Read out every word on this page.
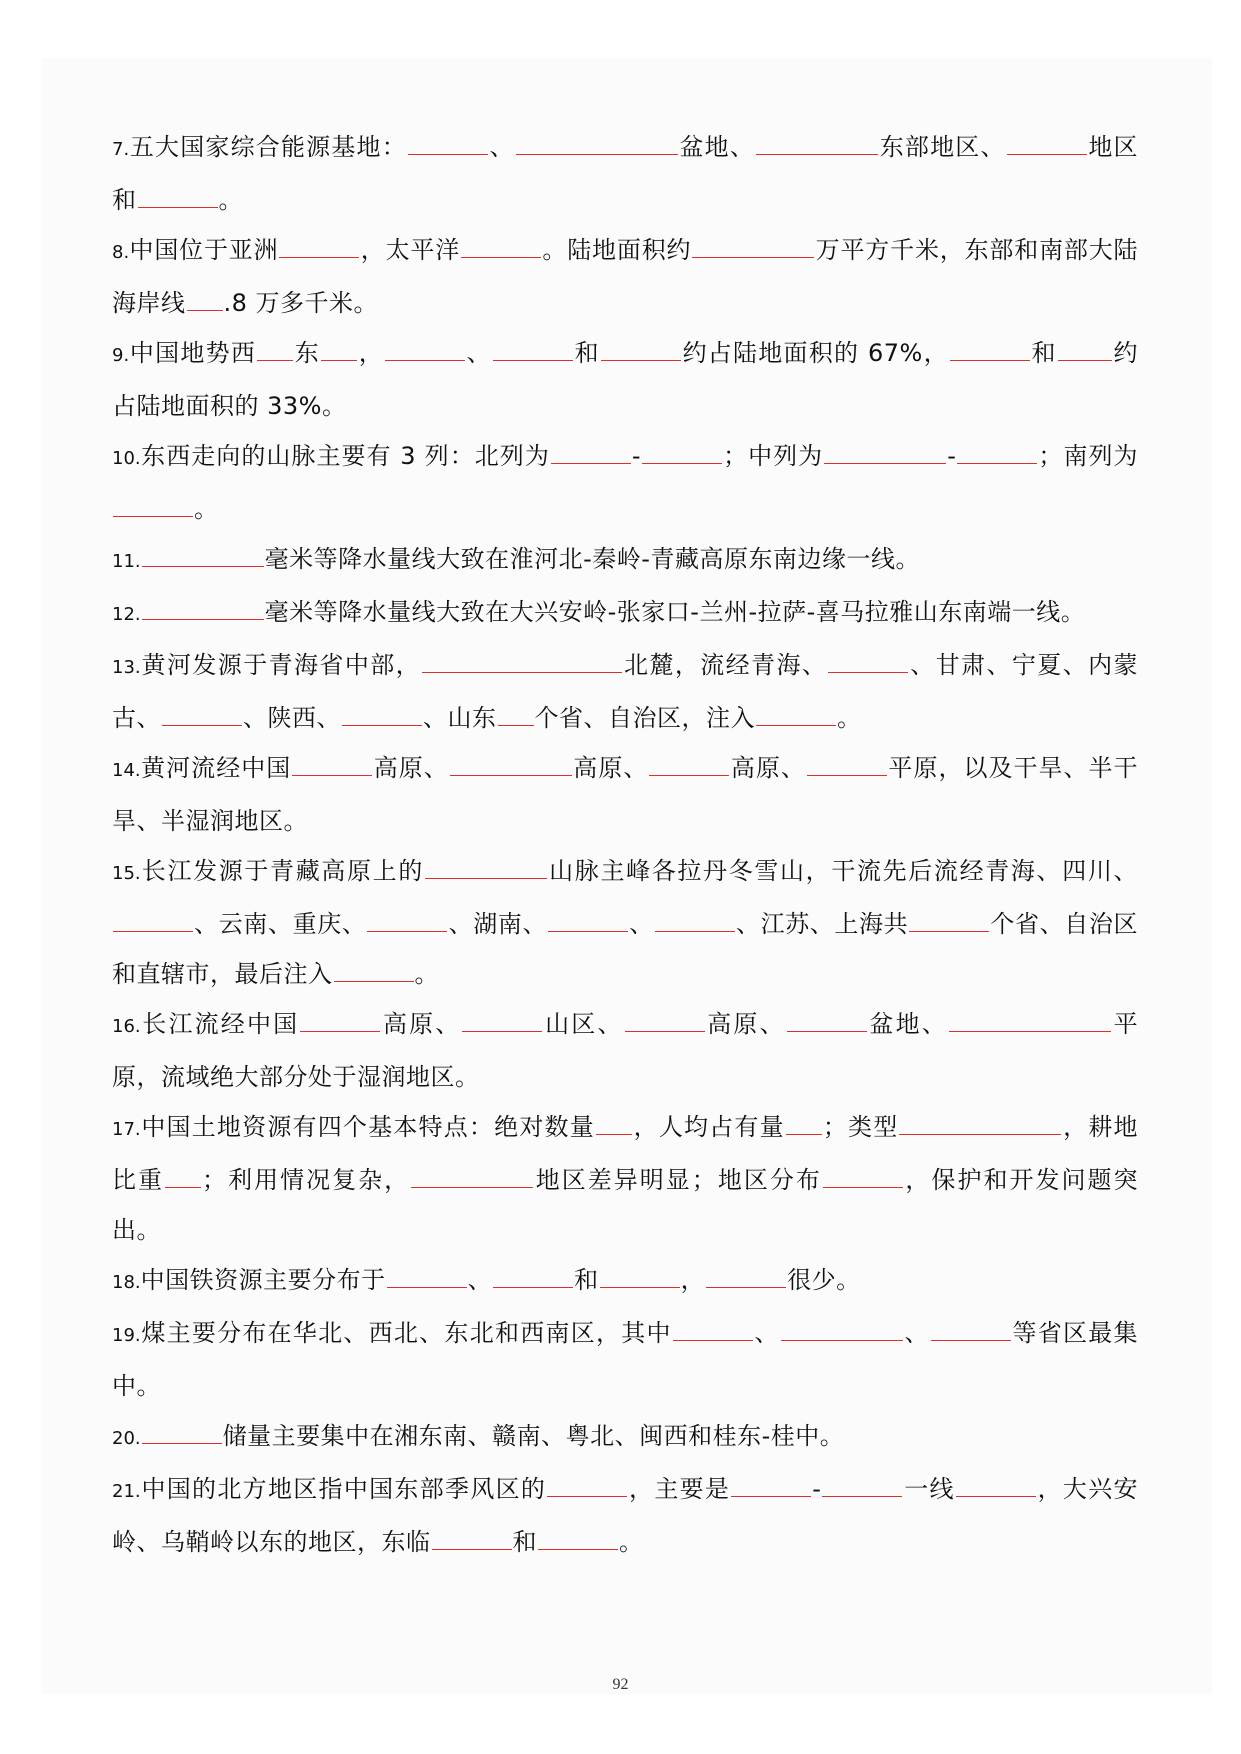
7.五大国家综合能源基地：	、	盆地、	东部地区、	地区和	。
8.中国位于亚洲	，太平洋	。陆地面积约	万平方千米，东部和南部大陆海岸线 .8 万多千米。
9.中国地势西 东 ，	、	和	约占陆地面积的 67%，	和 约占陆地面积的 33%。
10.东西走向的山脉主要有 3 列：北列为	-	；中列为	-	；南列为。
11.	毫米等降水量线大致在淮河北-秦岭-青藏高原东南边缘一线。
12.	毫米等降水量线大致在大兴安岭-张家口-兰州-拉萨-喜马拉雅山东南端一线。
13.黄河发源于青海省中部，	北麓，流经青海、	、甘肃、宁夏、内蒙古、	、陕西、	、山东 个省、自治区，注入	。
14.黄河流经中国	高原、	高原、	高原、	平原，以及干旱、半干旱、半湿润地区。
15.长江发源于青藏高原上的	山脉主峰各拉丹冬雪山，干流先后流经青海、四川、、云南、重庆、	、湖南、	、	、江苏、上海共	个省、自治区和直辖市，最后注入	。
16.长江流经中国	高原、	山区、	高原、	盆地、	平原，流域绝大部分处于湿润地区。
17.中国土地资源有四个基本特点：绝对数量 ，人均占有量 ；类型	，耕地比重 ；利用情况复杂，	地区差异明显；地区分布	，保护和开发问题突出。
18.中国铁资源主要分布于	、	和	，	很少。
19.煤主要分布在华北、西北、东北和西南区，其中	、	、	等省区最集中。
20.	储量主要集中在湘东南、赣南、粤北、闽西和桂东-桂中。
21.中国的北方地区指中国东部季风区的	，主要是	-	一线	，大兴安岭、乌鞘岭以东的地区，东临	和	。
92
